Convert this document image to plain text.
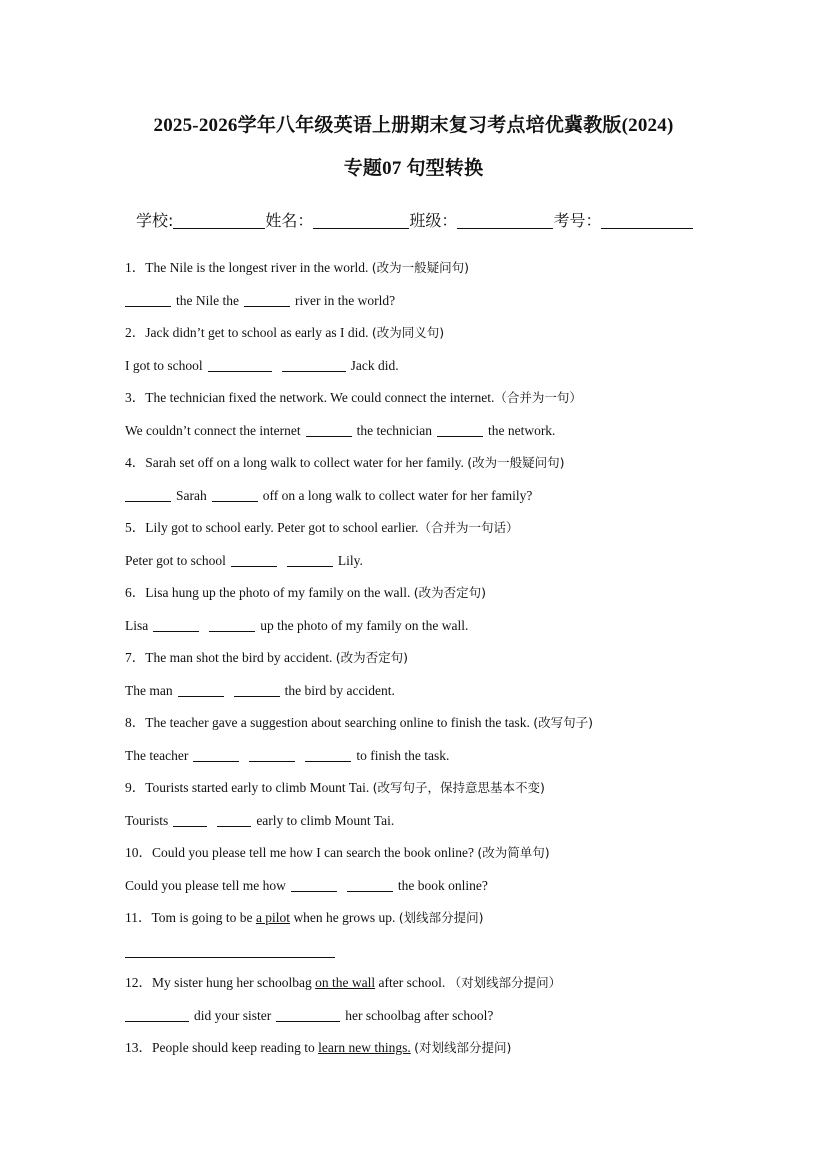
2025-2026学年八年级英语上册期末复习考点培优冀教版(2024)
专题07 句型转换
学校:	姓名：	班级：	考号：
1．The Nile is the longest river in the world. (改为一般疑问句)
the Nile the	river in the world?
2．Jack didn’t get to school as early as I did. (改为同义句)
I got to school	Jack did.
3．The technician fixed the network. We could connect the internet.（合并为一句）
We couldn’t connect the internet	the technician	the network.
4．Sarah set off on a long walk to collect water for her family. (改为一般疑问句)
Sarah	off on a long walk to collect water for her family?
5．Lily got to school early. Peter got to school earlier.（合并为一句话）
Peter got to school	Lily.
6．Lisa hung up the photo of my family on the wall. (改为否定句)
Lisa	up the photo of my family on the wall.
7．The man shot the bird by accident. (改为否定句)
The man	the bird by accident.
8．The teacher gave a suggestion about searching online to finish the task. (改写句子)
The teacher	to finish the task.
9．Tourists started early to climb Mount Tai. (改写句子，保持意思基本不变)
Tourists	early to climb Mount Tai.
10．Could you please tell me how I can search the book online? (改为简单句)
Could you please tell me how	the book online?
11．Tom is going to be a pilot when he grows up. (划线部分提问)
12．My sister hung her schoolbag on the wall after school. （对划线部分提问）
did your sister	her schoolbag after school?
13．People should keep reading to learn new things. (对划线部分提问)
